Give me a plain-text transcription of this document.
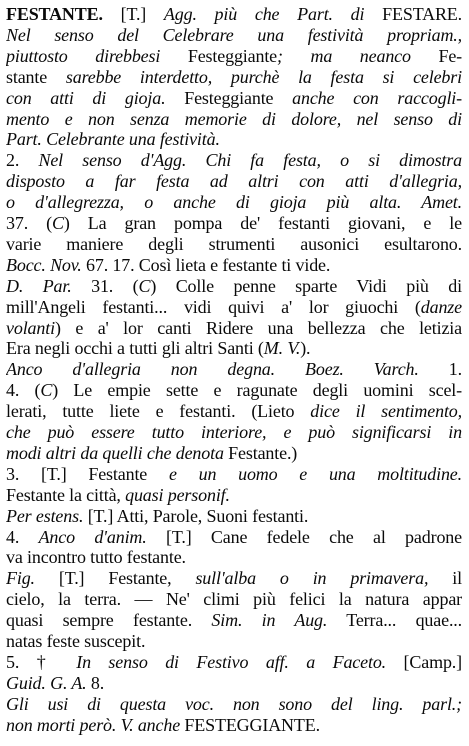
FESTANTE. [T.] Agg. più che Part. di FESTARE.
Nel senso del Celebrare una festività propriam.,
piuttosto direbbesi Festeggiante; ma neanco Fe-
stante sarebbe interdetto, purchè la festa si celebri
con atti di gioja. Festeggiante anche con raccogli-
mento e non senza memorie di dolore, nel senso di
Part. Celebrante una festività.
2. Nel senso d'Agg. Chi fa festa, o si dimostra
disposto a far festa ad altri con atti d'allegria,
o d'allegrezza, o anche di gioja più alta. Amet.
37. (C) La gran pompa de' festanti giovani, e le
varie maniere degli strumenti ausonici esultarono.
Bocc. Nov. 67. 17. Così lieta e festante ti vide.
D. Par. 31. (C) Colle penne sparte Vidi più di
mill'Angeli festanti... vidi quivi a' lor giuochi (danze
volanti) e a' lor canti Ridere una bellezza che letizia
Era negli occhi a tutti gli altri Santi (M. V.).
Anco d'allegria non degna. Boez. Varch. 1.
4. (C) Le empie sette e ragunate degli uomini scel-
lerati, tutte liete e festanti. (Lieto dice il sentimento,
che può essere tutto interiore, e può significarsi in
modi altri da quelli che denota Festante.)
3. [T.] Festante e un uomo e una moltitudine.
Festante la città, quasi personif.
Per estens. [T.] Atti, Parole, Suoni festanti.
4. Anco d'anim. [T.] Cane fedele che al padrone
va incontro tutto festante.
Fig. [T.] Festante, sull'alba o in primavera, il
cielo, la terra. — Ne' climi più felici la natura appar
quasi sempre festante. Sim. in Aug. Terra... quae...
natas feste suscepit.
5. † In senso di Festivo aff. a Faceto. [Camp.]
Guid. G. A. 8.
Gli usi di questa voc. non sono del ling. parl.;
non morti però. V. anche FESTEGGIANTE.
